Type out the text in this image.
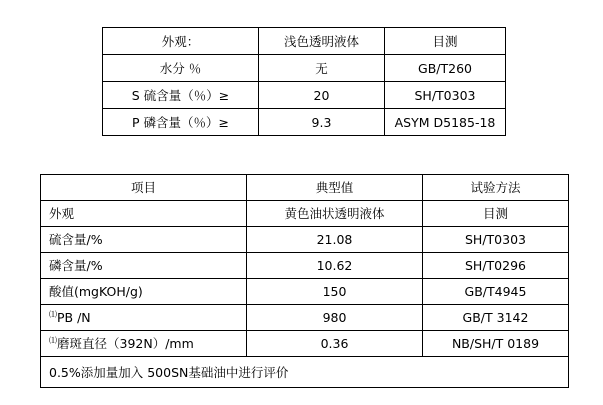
外观：	浅色透明液体	目测
水分 ％	无	GB/T260
S 硫含量（％）≥	20	SH/T0303
P 磷含量（％）≥	9.3	ASYM D5185-18
项目	典型值	试验方法
外观	黄色油状透明液体	目测
硫含量/%	21.08	SH/T0303
磷含量/%	10.62	SH/T0296
酸值(mgKOH/g)	150	GB/T4945
⑴PB /N	980	GB/T 3142
⑴磨斑直径（392N）/mm	0.36	NB/SH/T 0189
0.5%添加量加入 500SN基础油中进行评价		
